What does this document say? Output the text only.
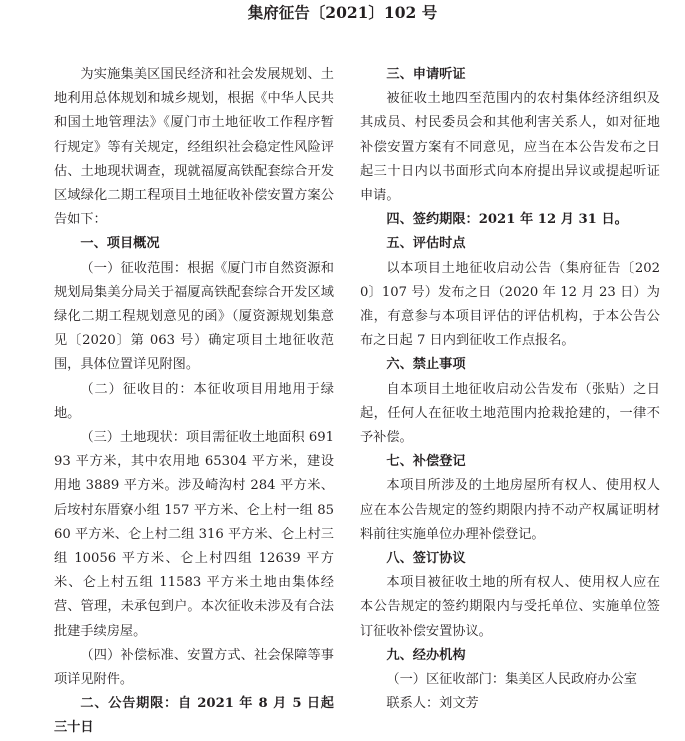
集府征告〔2021〕102 号

为实施集美区国民经济和社会发展规划、土地利用总体规划和城乡规划，根据《中华人民共和国土地管理法》《厦门市土地征收工作程序暂行规定》等有关规定，经组织社会稳定性风险评估、土地现状调查，现就福厦高铁配套综合开发区域绿化二期工程项目土地征收补偿安置方案公告如下：

一、项目概况

（一）征收范围：根据《厦门市自然资源和规划局集美分局关于福厦高铁配套综合开发区域绿化二期工程规划意见的函》（厦资源规划集意见〔2020〕第 063 号）确定项目土地征收范围，具体位置详见附图。

（二）征收目的：本征收项目用地用于绿地。

（三）土地现状：项目需征收土地面积 69193 平方米，其中农用地 65304 平方米，建设用地 3889 平方米。涉及崎沟村 284 平方米、后垵村东厝寮小组 157 平方米、仑上村一组 8560 平方米、仑上村二组 316 平方米、仑上村三组 10056 平方米、仑上村四组 12639 平方米、仑上村五组 11583 平方米土地由集体经营、管理，未承包到户。本次征收未涉及有合法批建手续房屋。

（四）补偿标准、安置方式、社会保障等事项详见附件。

二、公告期限：自 2021 年 8 月 5 日起三十日

三、申请听证

被征收土地四至范围内的农村集体经济组织及其成员、村民委员会和其他利害关系人，如对征地补偿安置方案有不同意见，应当在本公告发布之日起三十日内以书面形式向本府提出异议或提起听证申请。

四、签约期限：2021 年 12 月 31 日。

五、评估时点

以本项目土地征收启动公告（集府征告〔2020〕107 号）发布之日（2020 年 12 月 23 日）为准，有意参与本项目评估的评估机构，于本公告公布之日起 7 日内到征收工作点报名。

六、禁止事项

自本项目土地征收启动公告发布（张贴）之日起，任何人在征收土地范围内抢栽抢建的，一律不予补偿。

七、补偿登记

本项目所涉及的土地房屋所有权人、使用权人应在本公告规定的签约期限内持不动产权属证明材料前往实施单位办理补偿登记。

八、签订协议

本项目被征收土地的所有权人、使用权人应在本公告规定的签约期限内与受托单位、实施单位签订征收补偿安置协议。

九、经办机构

（一）区征收部门：集美区人民政府办公室

联系人：刘文芳
